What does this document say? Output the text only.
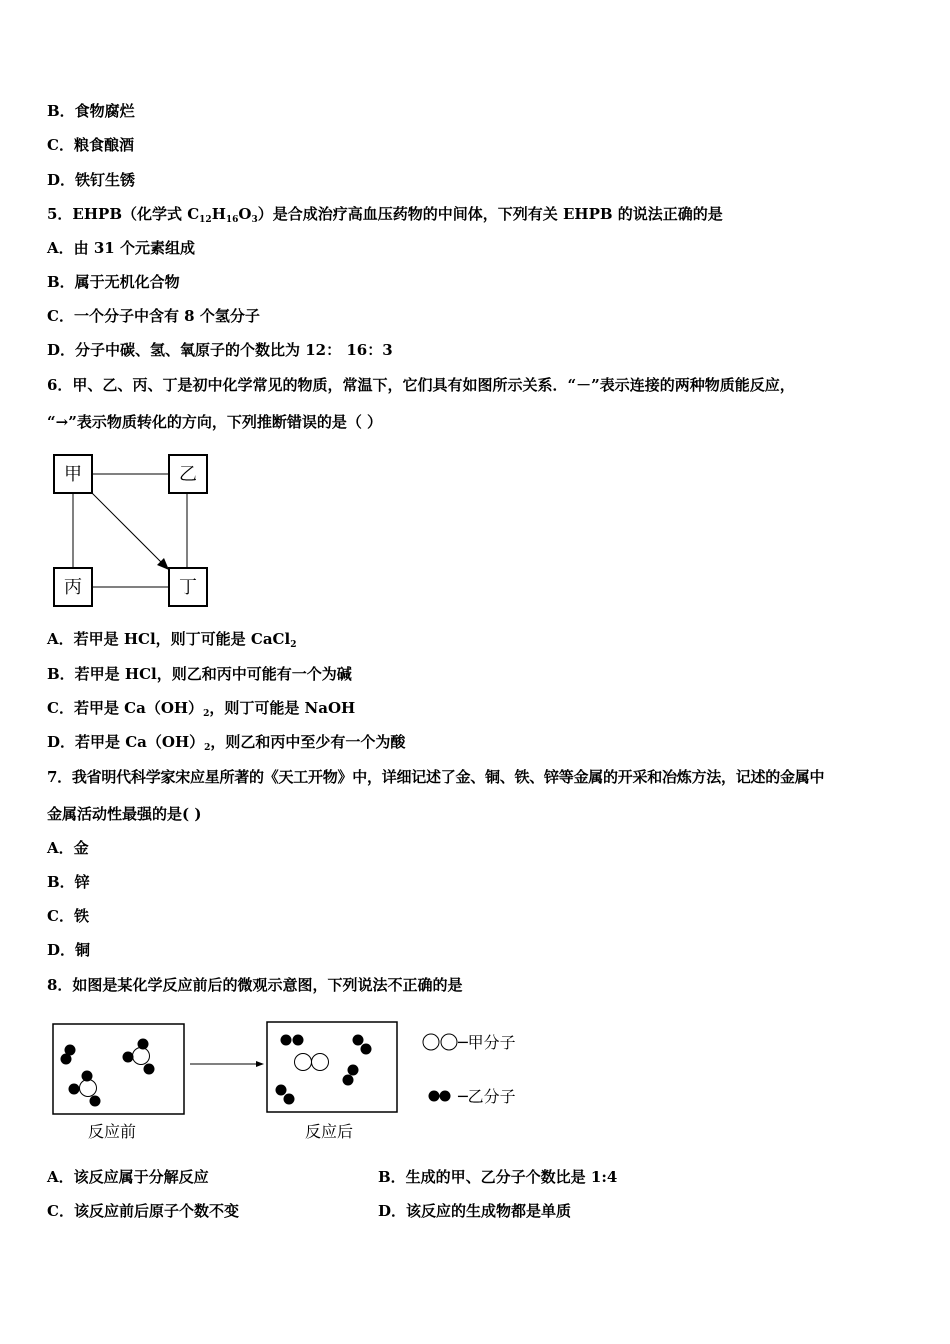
B．食物腐烂
C．粮食酿酒
D．铁钉生锈
5．EHPB（化学式 $C_{12}H_{16}O_3$）是合成治疗高血压药物的中间体，下列有关 EHPB 的说法正确的是
A．由 31 个元素组成
B．属于无机化合物
C．一个分子中含有 8 个氢分子
D．分子中碳、氢、氧原子的个数比为 12： 16：3
6．甲、乙、丙、丁是初中化学常见的物质，常温下，它们具有如图所示关系．“－”表示连接的两种物质能反应，
“→”表示物质转化的方向，下列推断错误的是（ ）
甲	乙
丙	丁
A．若甲是 HCl，则丁可能是 CaCl$_2$
B．若甲是 HCl，则乙和丙中可能有一个为碱
C．若甲是 $Ca(OH)_2$，则丁可能是 NaOH
D．若甲是 $Ca(OH)_2$，则乙和丙中至少有一个为酸
7．我省明代科学家宋应星所著的《天工开物》中，详细记述了金、铜、铁、锌等金属的开采和冶炼方法，记述的金属中
金属活动性最强的是( )
A．金
B．锌
C．铁
D．铜
8．如图是某化学反应前后的微观示意图，下列说法不正确的是
反应前	反应后
─甲分子
─乙分子
A．该反应属于分解反应	B．生成的甲、乙分子个数比是 1:4
C．该反应前后原子个数不变	D．该反应的生成物都是单质
